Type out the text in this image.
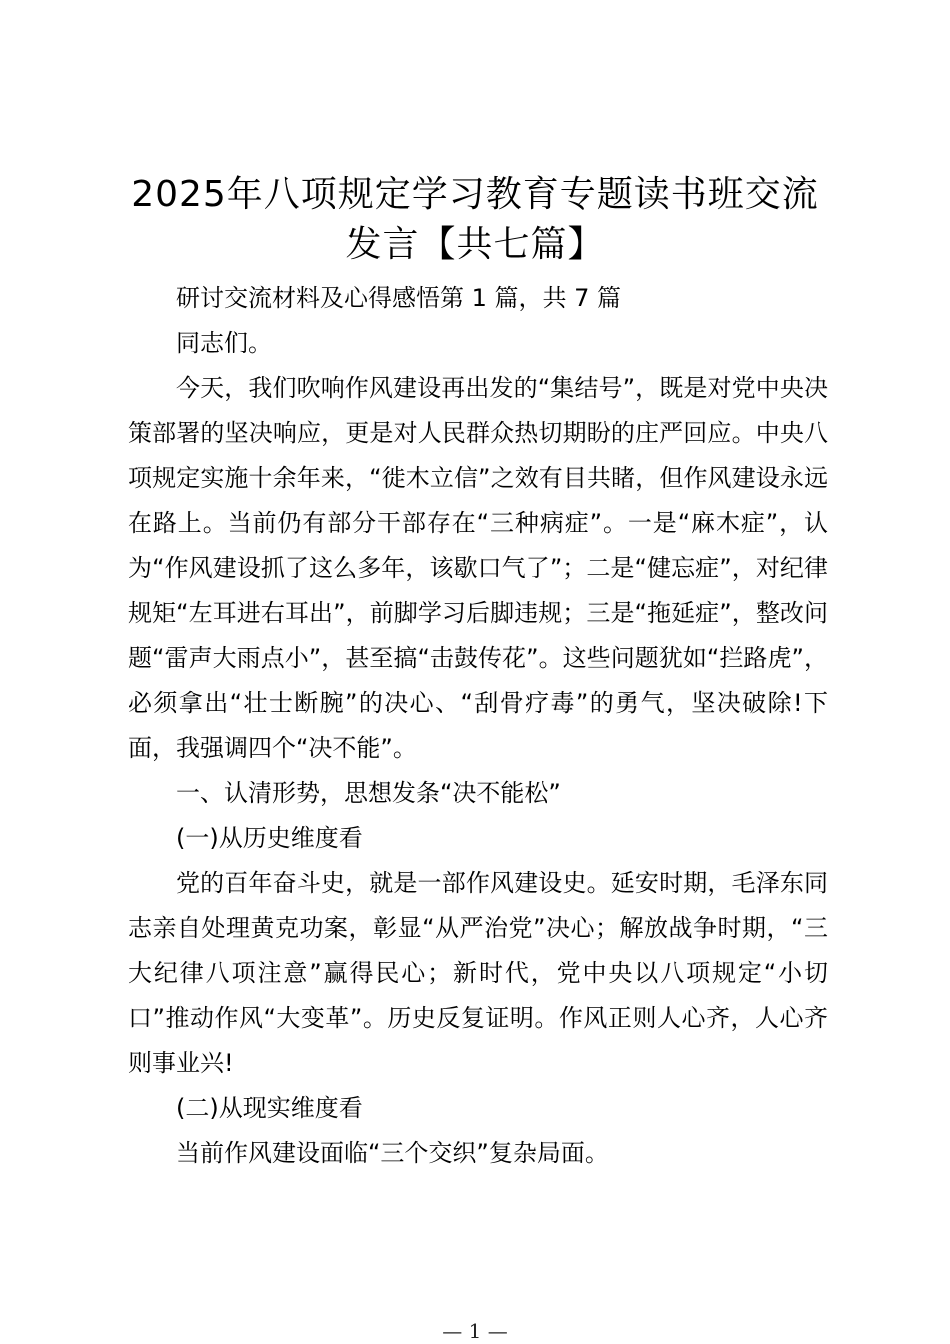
2025年八项规定学习教育专题读书班交流发言【共七篇】

研讨交流材料及心得感悟第 1 篇，共 7 篇

同志们。

今天，我们吹响作风建设再出发的“集结号”，既是对党中央决策部署的坚决响应，更是对人民群众热切期盼的庄严回应。中央八项规定实施十余年来，“徙木立信”之效有目共睹，但作风建设永远在路上。当前仍有部分干部存在“三种病症”。一是“麻木症”，认为“作风建设抓了这么多年，该歇口气了”；二是“健忘症”，对纪律规矩“左耳进右耳出”，前脚学习后脚违规；三是“拖延症”，整改问题“雷声大雨点小”，甚至搞“击鼓传花”。这些问题犹如“拦路虎”，必须拿出“壮士断腕”的决心、“刮骨疗毒”的勇气，坚决破除!下面，我强调四个“决不能”。

一、认清形势，思想发条“决不能松”

(一)从历史维度看

党的百年奋斗史，就是一部作风建设史。延安时期，毛泽东同志亲自处理黄克功案，彰显“从严治党”决心；解放战争时期，“三大纪律八项注意”赢得民心；新时代，党中央以八项规定“小切口”推动作风“大变革”。历史反复证明。作风正则人心齐，人心齐则事业兴!

(二)从现实维度看

当前作风建设面临“三个交织”复杂局面。

— 1 —
